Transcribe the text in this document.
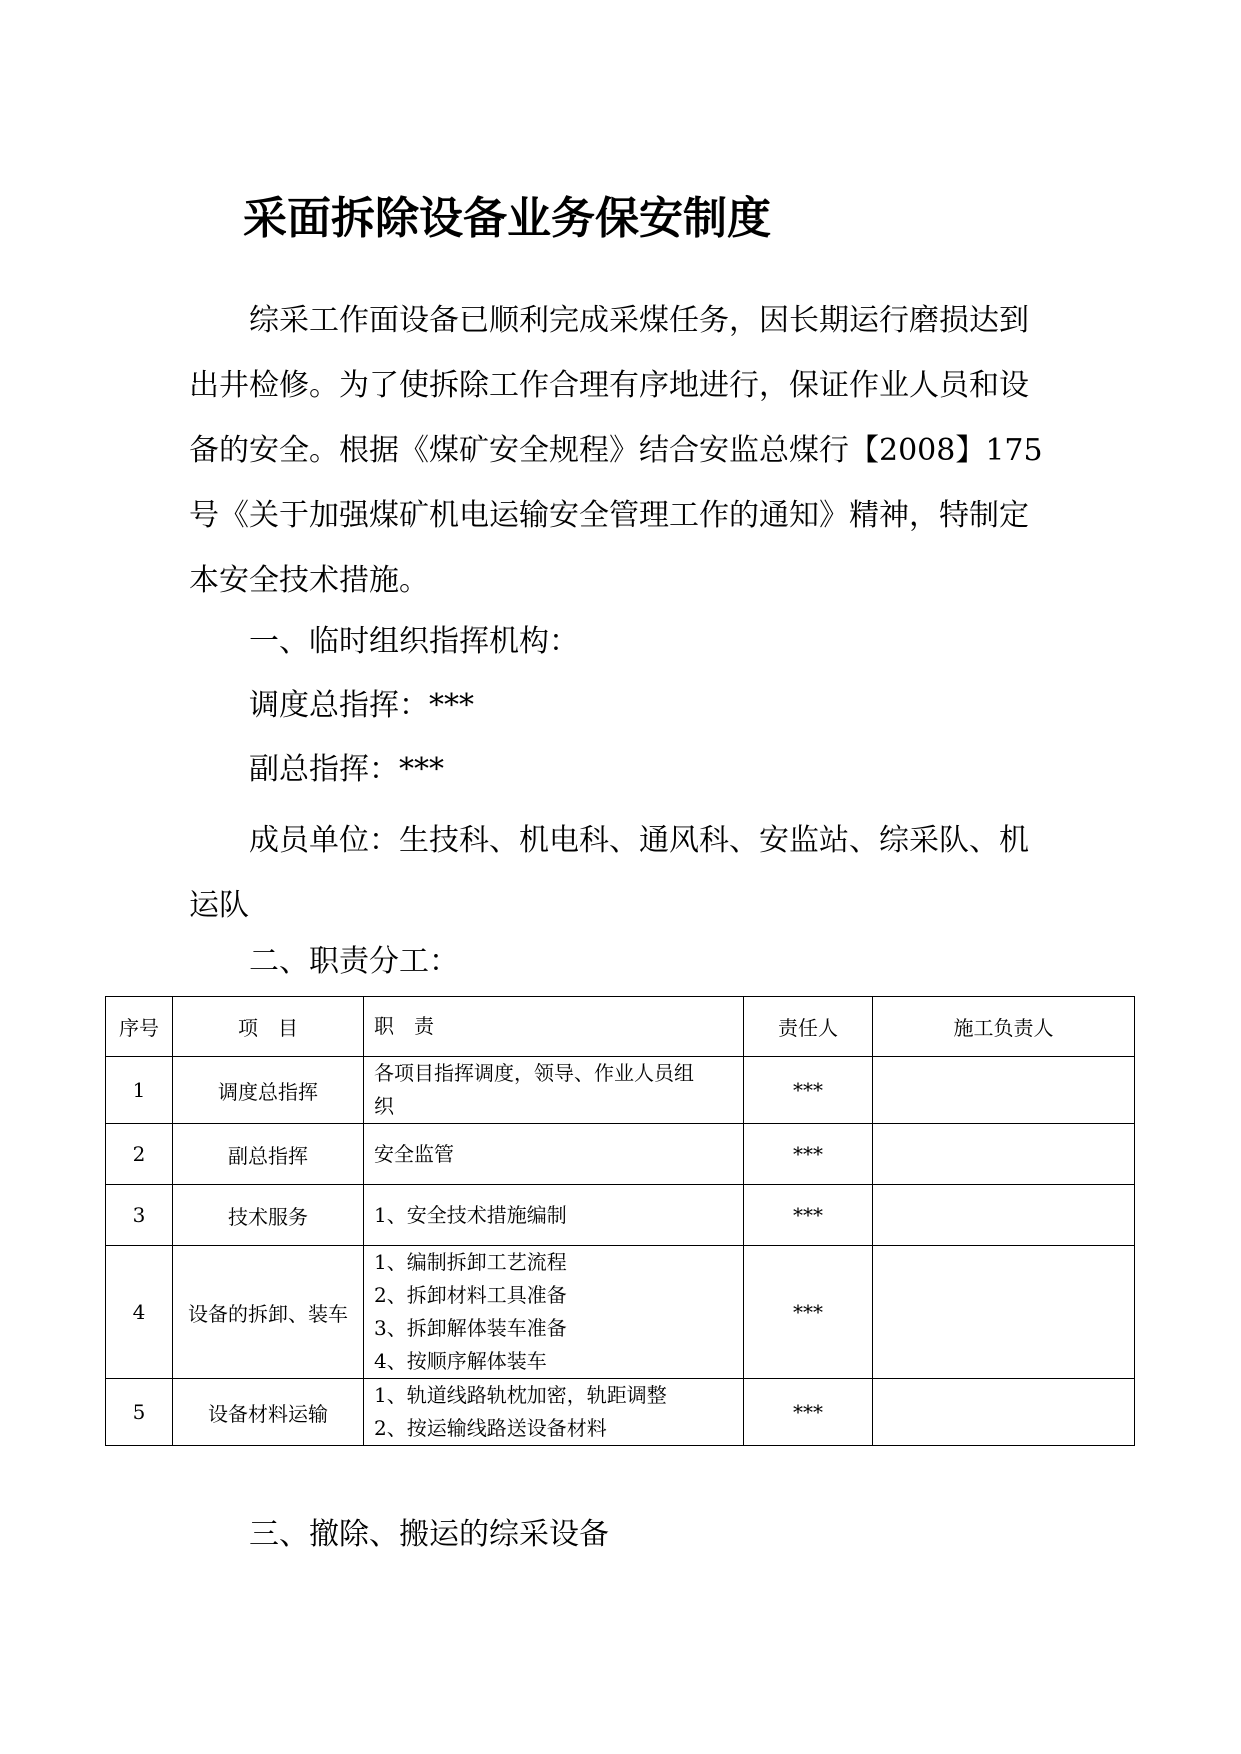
采面拆除设备业务保安制度
综采工作面设备已顺利完成采煤任务，因长期运行磨损达到
出井检修。为了使拆除工作合理有序地进行，保证作业人员和设
备的安全。根据《煤矿安全规程》结合安监总煤行【2008】175
号《关于加强煤矿机电运输安全管理工作的通知》精神，特制定
本安全技术措施。
一、临时组织指挥机构：
调度总指挥：***
副总指挥：***
成员单位：生技科、机电科、通风科、安监站、综采队、机
运队
二、职责分工：
序号	项　目	职　责	责任人	施工负责人
1	调度总指挥	各项目指挥调度，领导、作业人员组
织	***	
2	副总指挥	安全监管	***	
3	技术服务	1、安全技术措施编制	***	
4	设备的拆卸、装车	1、编制拆卸工艺流程
2、拆卸材料工具准备
3、拆卸解体装车准备
4、按顺序解体装车	***	
5	设备材料运输	1、轨道线路轨枕加密，轨距调整
2、按运输线路送设备材料	***	
三、撤除、搬运的综采设备
